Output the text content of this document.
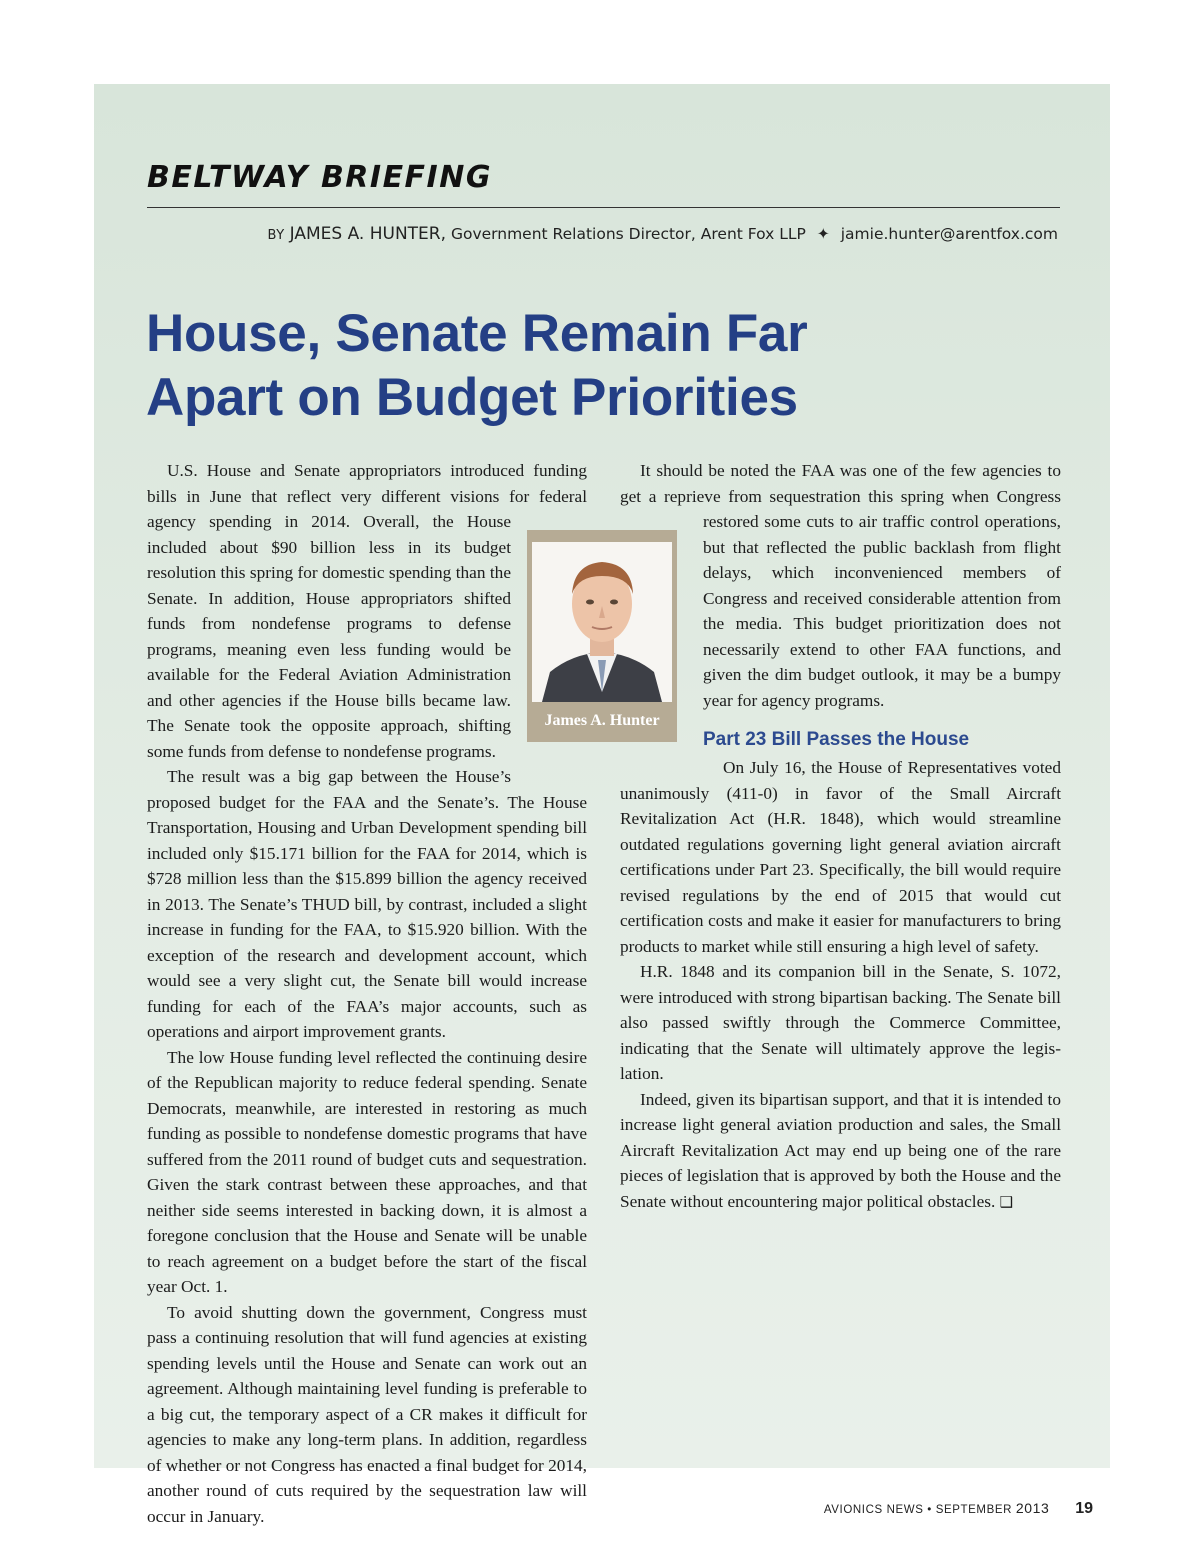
BELTWAY BRIEFING
BY JAMES A. HUNTER, Government Relations Director, Arent Fox LLP ✦ jamie.hunter@arentfox.com
House, Senate Remain Far
Apart on Budget Priorities

U.S. House and Senate appropriators introduced funding bills in June that reflect very different visions for federal agency spending in 2014. Overall, the House included about $90 billion less in its budget resolution this spring for domestic spending than the Senate. In addition, House appropriators shifted funds from nondefense programs to defense programs, meaning even less funding would be available for the Federal Aviation Administration and other agencies if the House bills became law. The Senate took the opposite approach, shifting some funds from defense to nondefense programs.

The result was a big gap between the House’s proposed budget for the FAA and the Senate’s. The House Transportation, Housing and Urban Development spending bill included only $15.171 billion for the FAA for 2014, which is $728 million less than the $15.899 billion the agency received in 2013. The Senate’s THUD bill, by contrast, included a slight increase in funding for the FAA, to $15.920 billion. With the exception of the research and development account, which would see a very slight cut, the Senate bill would increase funding for each of the FAA’s major accounts, such as operations and airport improvement grants.

The low House funding level reflected the continuing desire of the Republican majority to reduce federal spending. Senate Democrats, meanwhile, are interested in restoring as much funding as possible to nondefense domestic programs that have suffered from the 2011 round of budget cuts and sequestration. Given the stark contrast between these approaches, and that neither side seems interested in backing down, it is almost a foregone conclusion that the House and Senate will be unable to reach agreement on a budget before the start of the fiscal year Oct. 1.

To avoid shutting down the government, Congress must pass a continuing resolution that will fund agencies at existing spending levels until the House and Senate can work out an agreement. Although maintaining level funding is preferable to a big cut, the temporary aspect of a CR makes it difficult for agencies to make any long-term plans. In addition, regardless of whether or not Congress has enacted a final budget for 2014, another round of cuts required by the sequestration law will occur in January.

It should be noted the FAA was one of the few agencies to get a reprieve from sequestration this spring when Congress restored some cuts to air traffic control operations, but that reflected the public backlash from flight delays, which inconvenienced members of Congress and received considerable attention from the media. This budget prioritization does not necessarily extend to other FAA functions, and given the dim budget outlook, it may be a bumpy year for agency programs.

Part 23 Bill Passes the House

On July 16, the House of Representatives voted unanimously (411-0) in favor of the Small Aircraft Revitalization Act (H.R. 1848), which would streamline outdated regulations governing light general aviation aircraft certifications under Part 23. Specifically, the bill would require revised regulations by the end of 2015 that would cut certification costs and make it easier for manufacturers to bring products to market while still ensuring a high level of safety.

H.R. 1848 and its companion bill in the Senate, S. 1072, were introduced with strong bipartisan backing. The Senate bill also passed swiftly through the Commerce Committee, indicating that the Senate will ultimately approve the legislation.

Indeed, given its bipartisan support, and that it is intended to increase light general aviation production and sales, the Small Aircraft Revitalization Act may end up being one of the rare pieces of legislation that is approved by both the House and the Senate without encountering major political obstacles. ❑

James A. Hunter
AVIONICS NEWS • SEPTEMBER 2013 19
